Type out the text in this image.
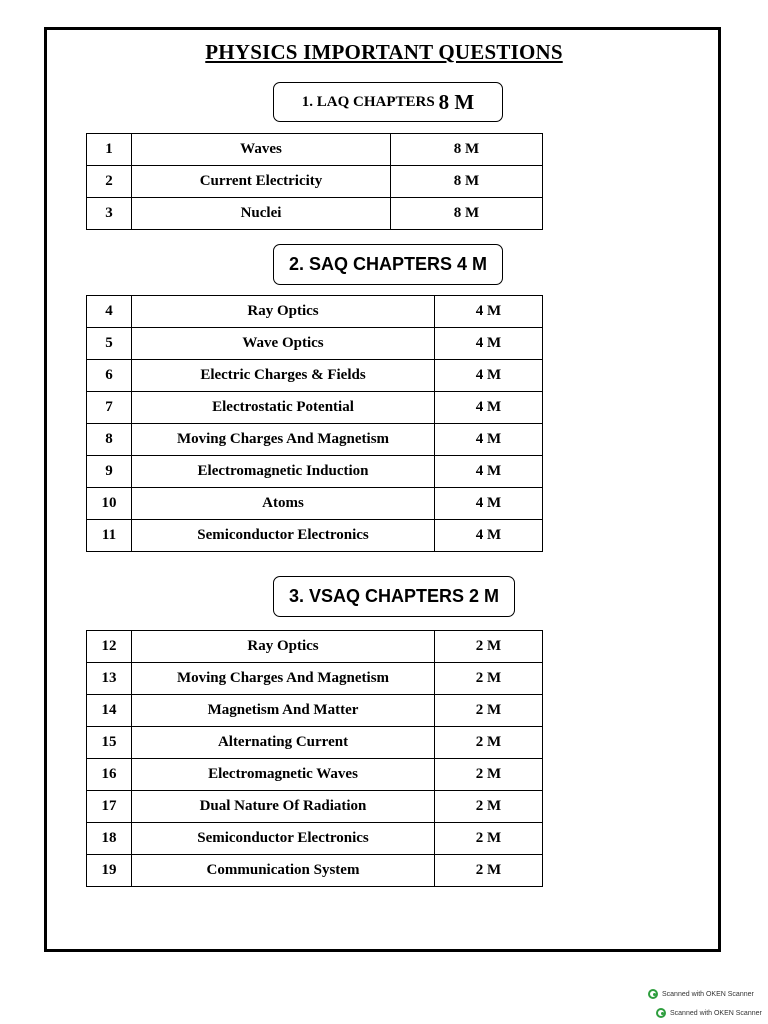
PHYSICS IMPORTANT QUESTIONS
1. LAQ CHAPTERS 8 M
1	Waves	8 M
2	Current Electricity	8 M
3	Nuclei	8 M
2. SAQ CHAPTERS 4 M
4	Ray Optics	4 M
5	Wave Optics	4 M
6	Electric Charges & Fields	4 M
7	Electrostatic Potential	4 M
8	Moving Charges And Magnetism	4 M
9	Electromagnetic Induction	4 M
10	Atoms	4 M
11	Semiconductor Electronics	4 M
3. VSAQ CHAPTERS 2 M
12	Ray Optics	2 M
13	Moving Charges And Magnetism	2 M
14	Magnetism And Matter	2 M
15	Alternating Current	2 M
16	Electromagnetic Waves	2 M
17	Dual Nature Of Radiation	2 M
18	Semiconductor Electronics	2 M
19	Communication System	2 M
Scanned with OKEN Scanner
Scanned with OKEN Scanner
